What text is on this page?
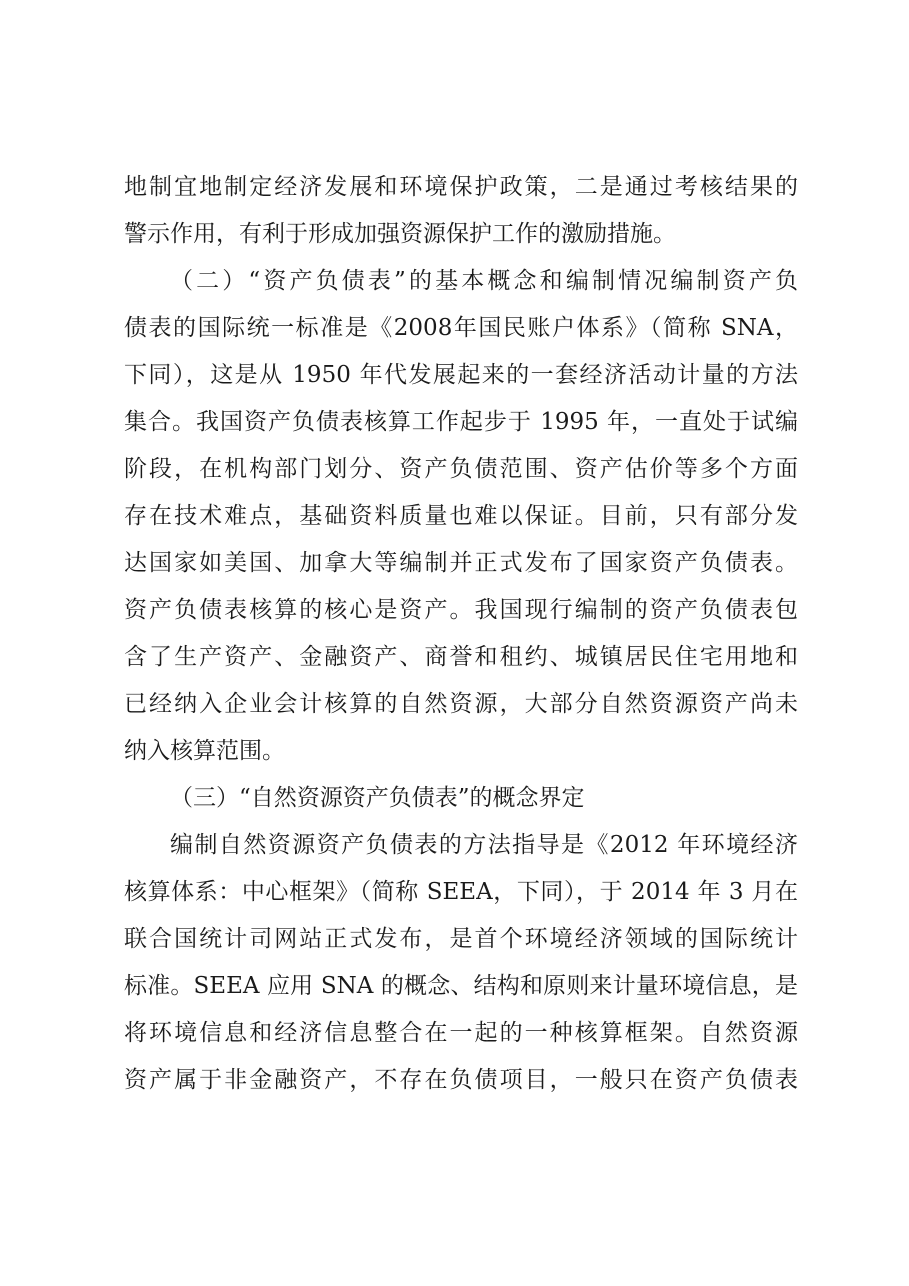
地制宜地制定经济发展和环境保护政策，二是通过考核结果的
警示作用，有利于形成加强资源保护工作的激励措施。
（二）“资产负债表”的基本概念和编制情况编制资产负
债表的国际统一标准是《2008年国民账户体系》（简称 SNA，
下同），这是从 1950 年代发展起来的一套经济活动计量的方法
集合。我国资产负债表核算工作起步于 1995 年，一直处于试编
阶段，在机构部门划分、资产负债范围、资产估价等多个方面
存在技术难点，基础资料质量也难以保证。目前，只有部分发
达国家如美国、加拿大等编制并正式发布了国家资产负债表。
资产负债表核算的核心是资产。我国现行编制的资产负债表包
含了生产资产、金融资产、商誉和租约、城镇居民住宅用地和
已经纳入企业会计核算的自然资源，大部分自然资源资产尚未
纳入核算范围。
（三）“自然资源资产负债表”的概念界定
编制自然资源资产负债表的方法指导是《2012 年环境经济
核算体系：中心框架》（简称 SEEA，下同），于 2014 年 3 月在
联合国统计司网站正式发布，是首个环境经济领域的国际统计
标准。SEEA 应用 SNA 的概念、结构和原则来计量环境信息，是
将环境信息和经济信息整合在一起的一种核算框架。自然资源
资产属于非金融资产，不存在负债项目，一般只在资产负债表
